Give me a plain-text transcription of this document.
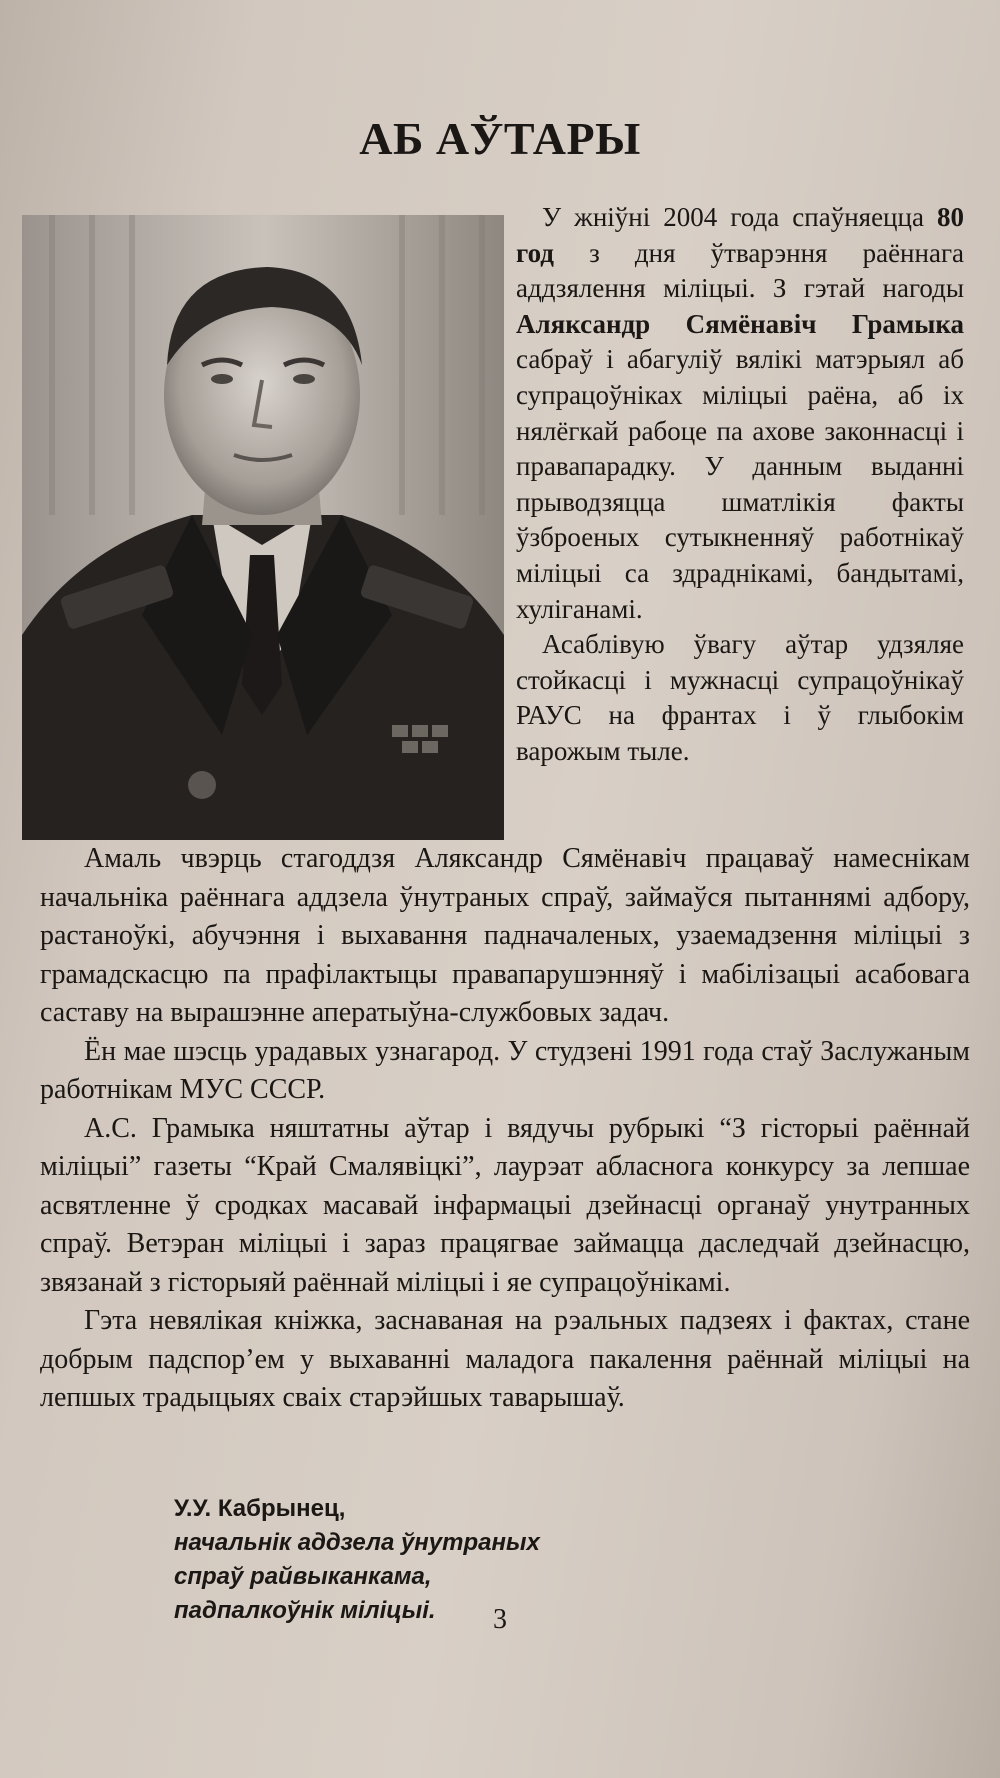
АБ АЎТАРЫ

У жніўні 2004 года спаўняецца 80 год з дня ўтварэння раённага аддзялення міліцыі. З гэтай нагоды Аляксандр Сямёнавіч Грамыка сабраў і абагуліў вялікі матэрыял аб супрацоўніках міліцыі раёна, аб іх нялёгкай рабоце па ахове законнасці і правапарадку. У данным выданні прыводзяцца шматлікія факты ўзброеных сутыкненняў работнікаў міліцыі са здраднікамі, бандытамі, хуліганамі.

Асаблівую ўвагу аўтар удзяляе стойкасці і мужнасці супрацоўнікаў РАУС на франтах і ў глыбокім варожым тыле.

Амаль чвэрць стагоддзя Аляксандр Сямёнавіч працаваў намеснікам начальніка раённага аддзела ўнутраных спраў, займаўся пытаннямі адбору, растаноўкі, абучэння і выхавання падначаленых, узаемадзення міліцыі з грамадскасцю па прафілактыцы правапарушэнняў і мабілізацыі асабовага саставу на вырашэнне аператыўна-службовых задач.

Ён мае шэсць урадавых узнагарод. У студзені 1991 года стаў Заслужаным работнікам МУС СССР.

А.С. Грамыка няштатны аўтар і вядучы рубрыкі “З гісторыі раённай міліцыі” газеты “Край Смалявіцкі”, лаурэат абласнога конкурсу за лепшае асвятленне ў сродках масавай інфармацыі дзейнасці органаў унутранных спраў. Ветэран міліцыі і зараз працягвае займацца даследчай дзейнасцю, звязанай з гісторыяй раённай міліцыі і яе супрацоўнікамі.

Гэта невялікая кніжка, заснаваная на рэальных падзеях і фактах, стане добрым падспор’ем у выхаванні маладога пакалення раённай міліцыі на лепшых традыцыях сваіх старэйшых таварышаў.

У.У. Кабрынец,
начальнік аддзела ўнутраных
спраў райвыканкама,
падпалкоўнік міліцыі.	3
